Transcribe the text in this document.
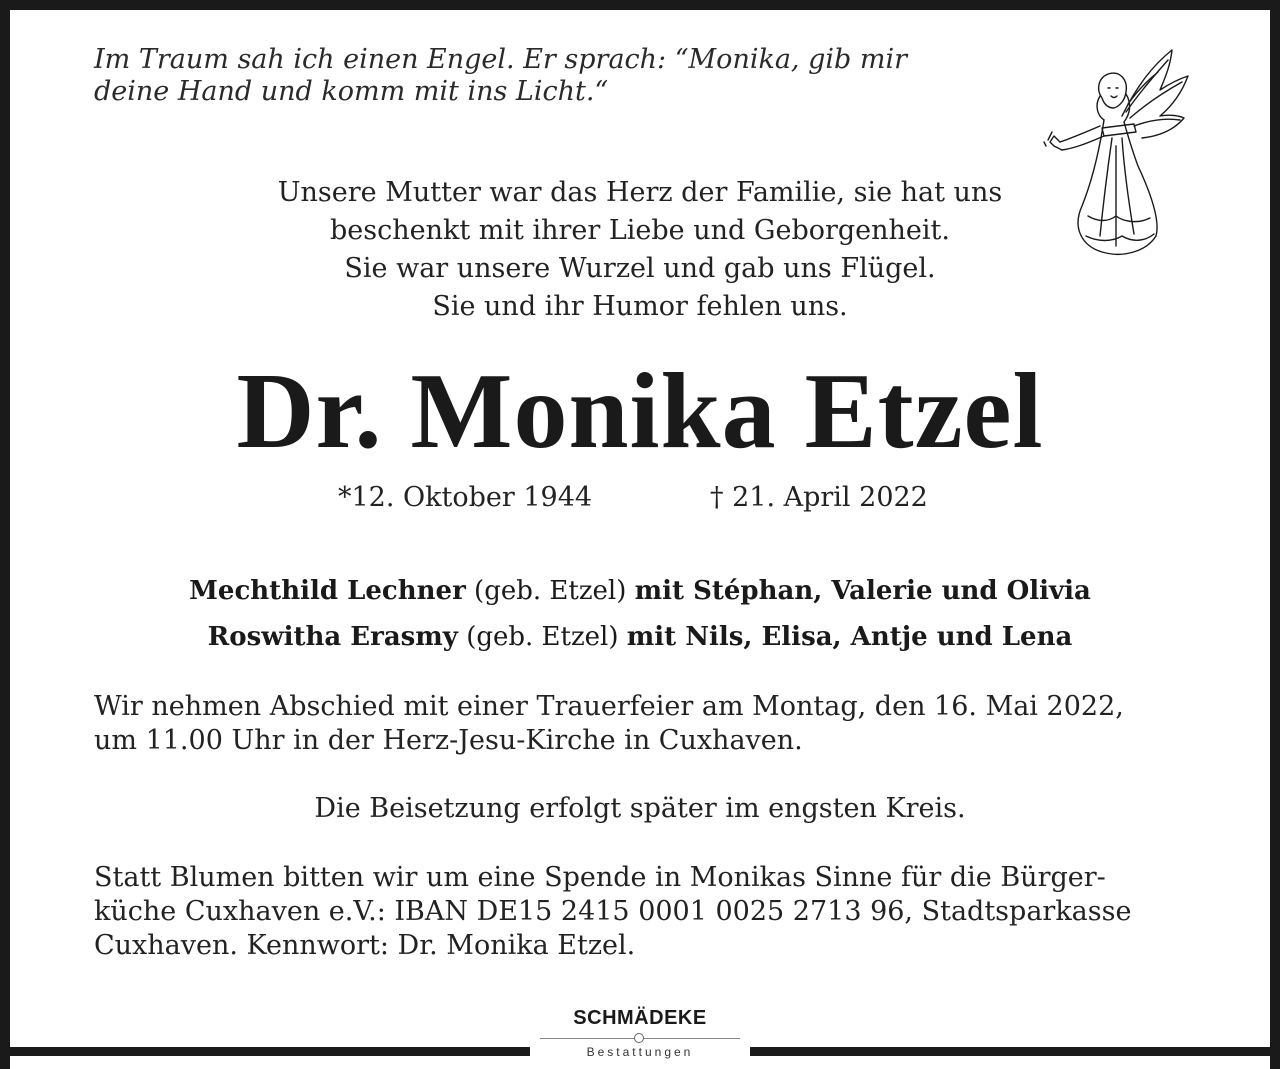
Im Traum sah ich einen Engel. Er sprach: “Monika, gib mir
deine Hand und komm mit ins Licht.“

Unsere Mutter war das Herz der Familie, sie hat uns
beschenkt mit ihrer Liebe und Geborgenheit.
Sie war unsere Wurzel und gab uns Flügel.
Sie und ihr Humor fehlen uns.

Dr. Monika Etzel
*12. Oktober 1944	† 21. April 2022
Mechthild Lechner (geb. Etzel) mit Stéphan, Valerie und Olivia
Roswitha Erasmy (geb. Etzel) mit Nils, Elisa, Antje und Lena

Wir nehmen Abschied mit einer Trauerfeier am Montag, den 16. Mai 2022,
um 11.00 Uhr in der Herz-Jesu-Kirche in Cuxhaven.

Die Beisetzung erfolgt später im engsten Kreis.

Statt Blumen bitten wir um eine Spende in Monikas Sinne für die Bürger-
küche Cuxhaven e.V.: IBAN DE15 2415 0001 0025 2713 96, Stadtsparkasse
Cuxhaven. Kennwort: Dr. Monika Etzel.

SCHMÄDEKE
Bestattungen
